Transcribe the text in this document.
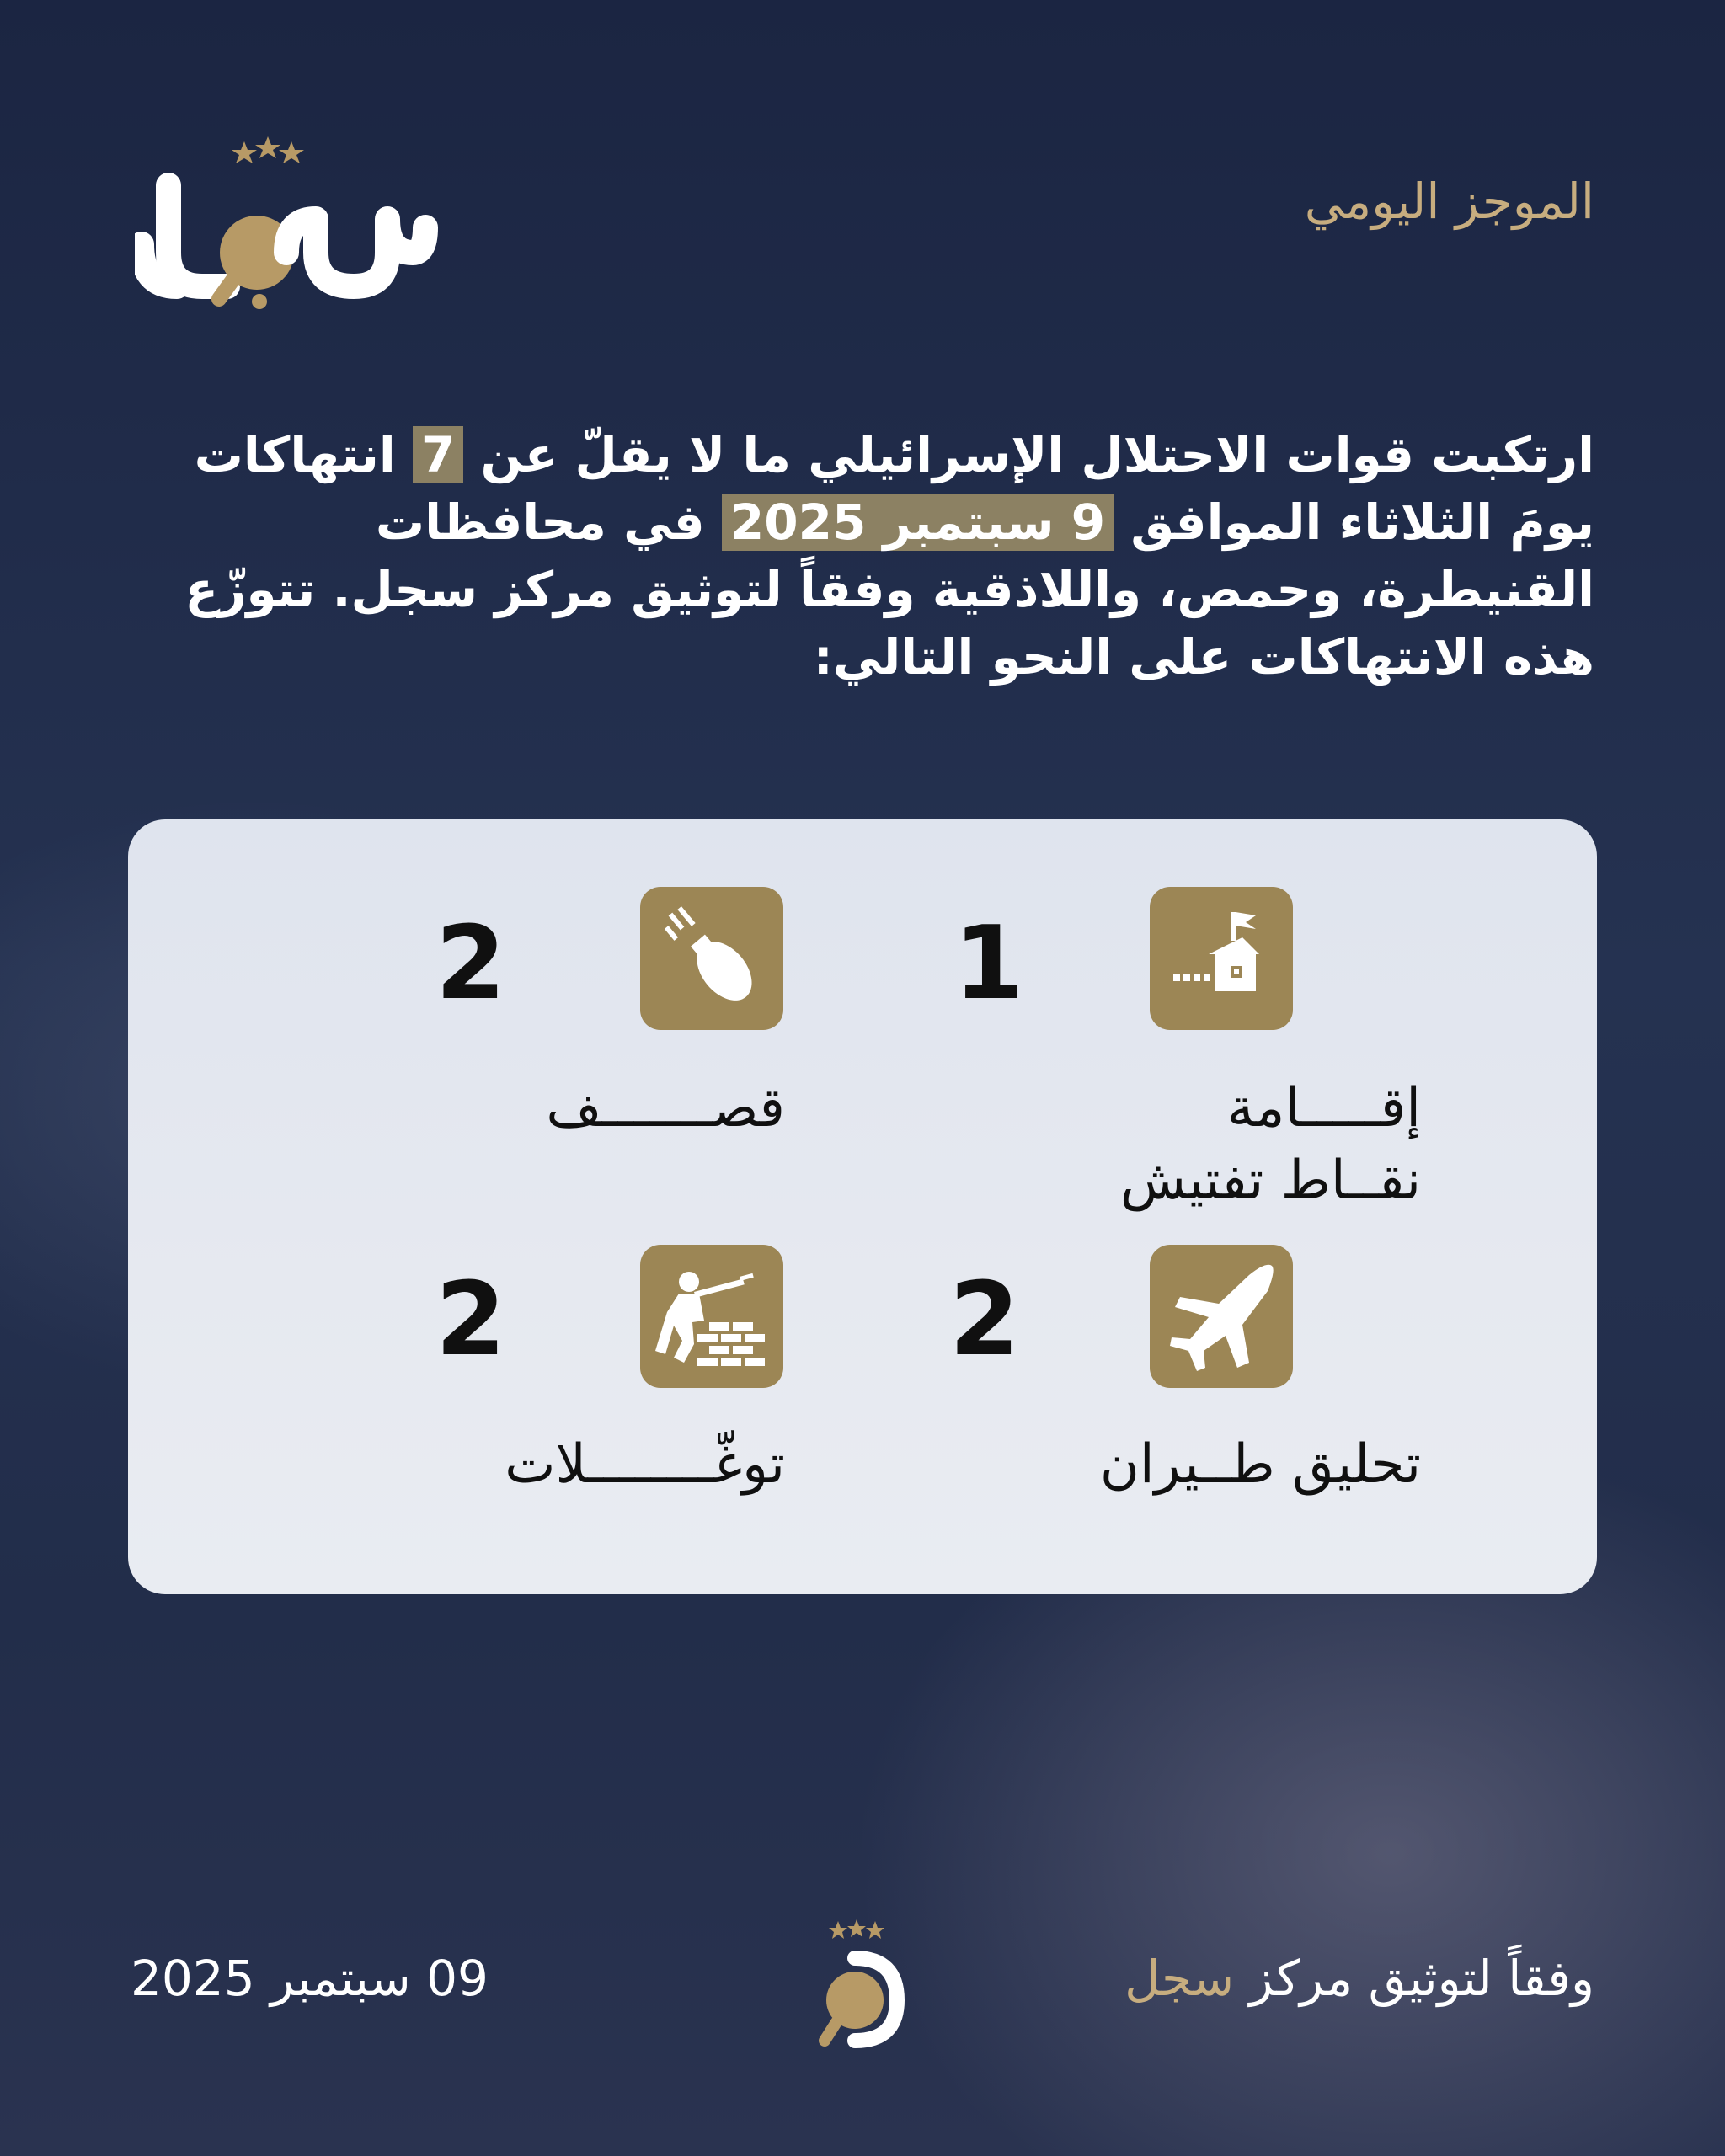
الموجز اليومي
ارتكبت قوات الاحتلال الإسرائيلي ما لا يقلّ عن 7 انتهاكات يومَ الثلاثاء الموافق 9 سبتمبر 2025 في محافظات القنيطرة، وحمص، واللاذقية وفقاً لتوثيق مركز سجل. تتوزّع هذه الانتهاكات على النحو التالي:
1
إقـــــامة
نقــاط تفتيش
2
قصـــــــف
2
تحليق طــيران
2
توغّــــــــلات
09 سبتمبر 2025	وفقاً لتوثيق مركز سجل
